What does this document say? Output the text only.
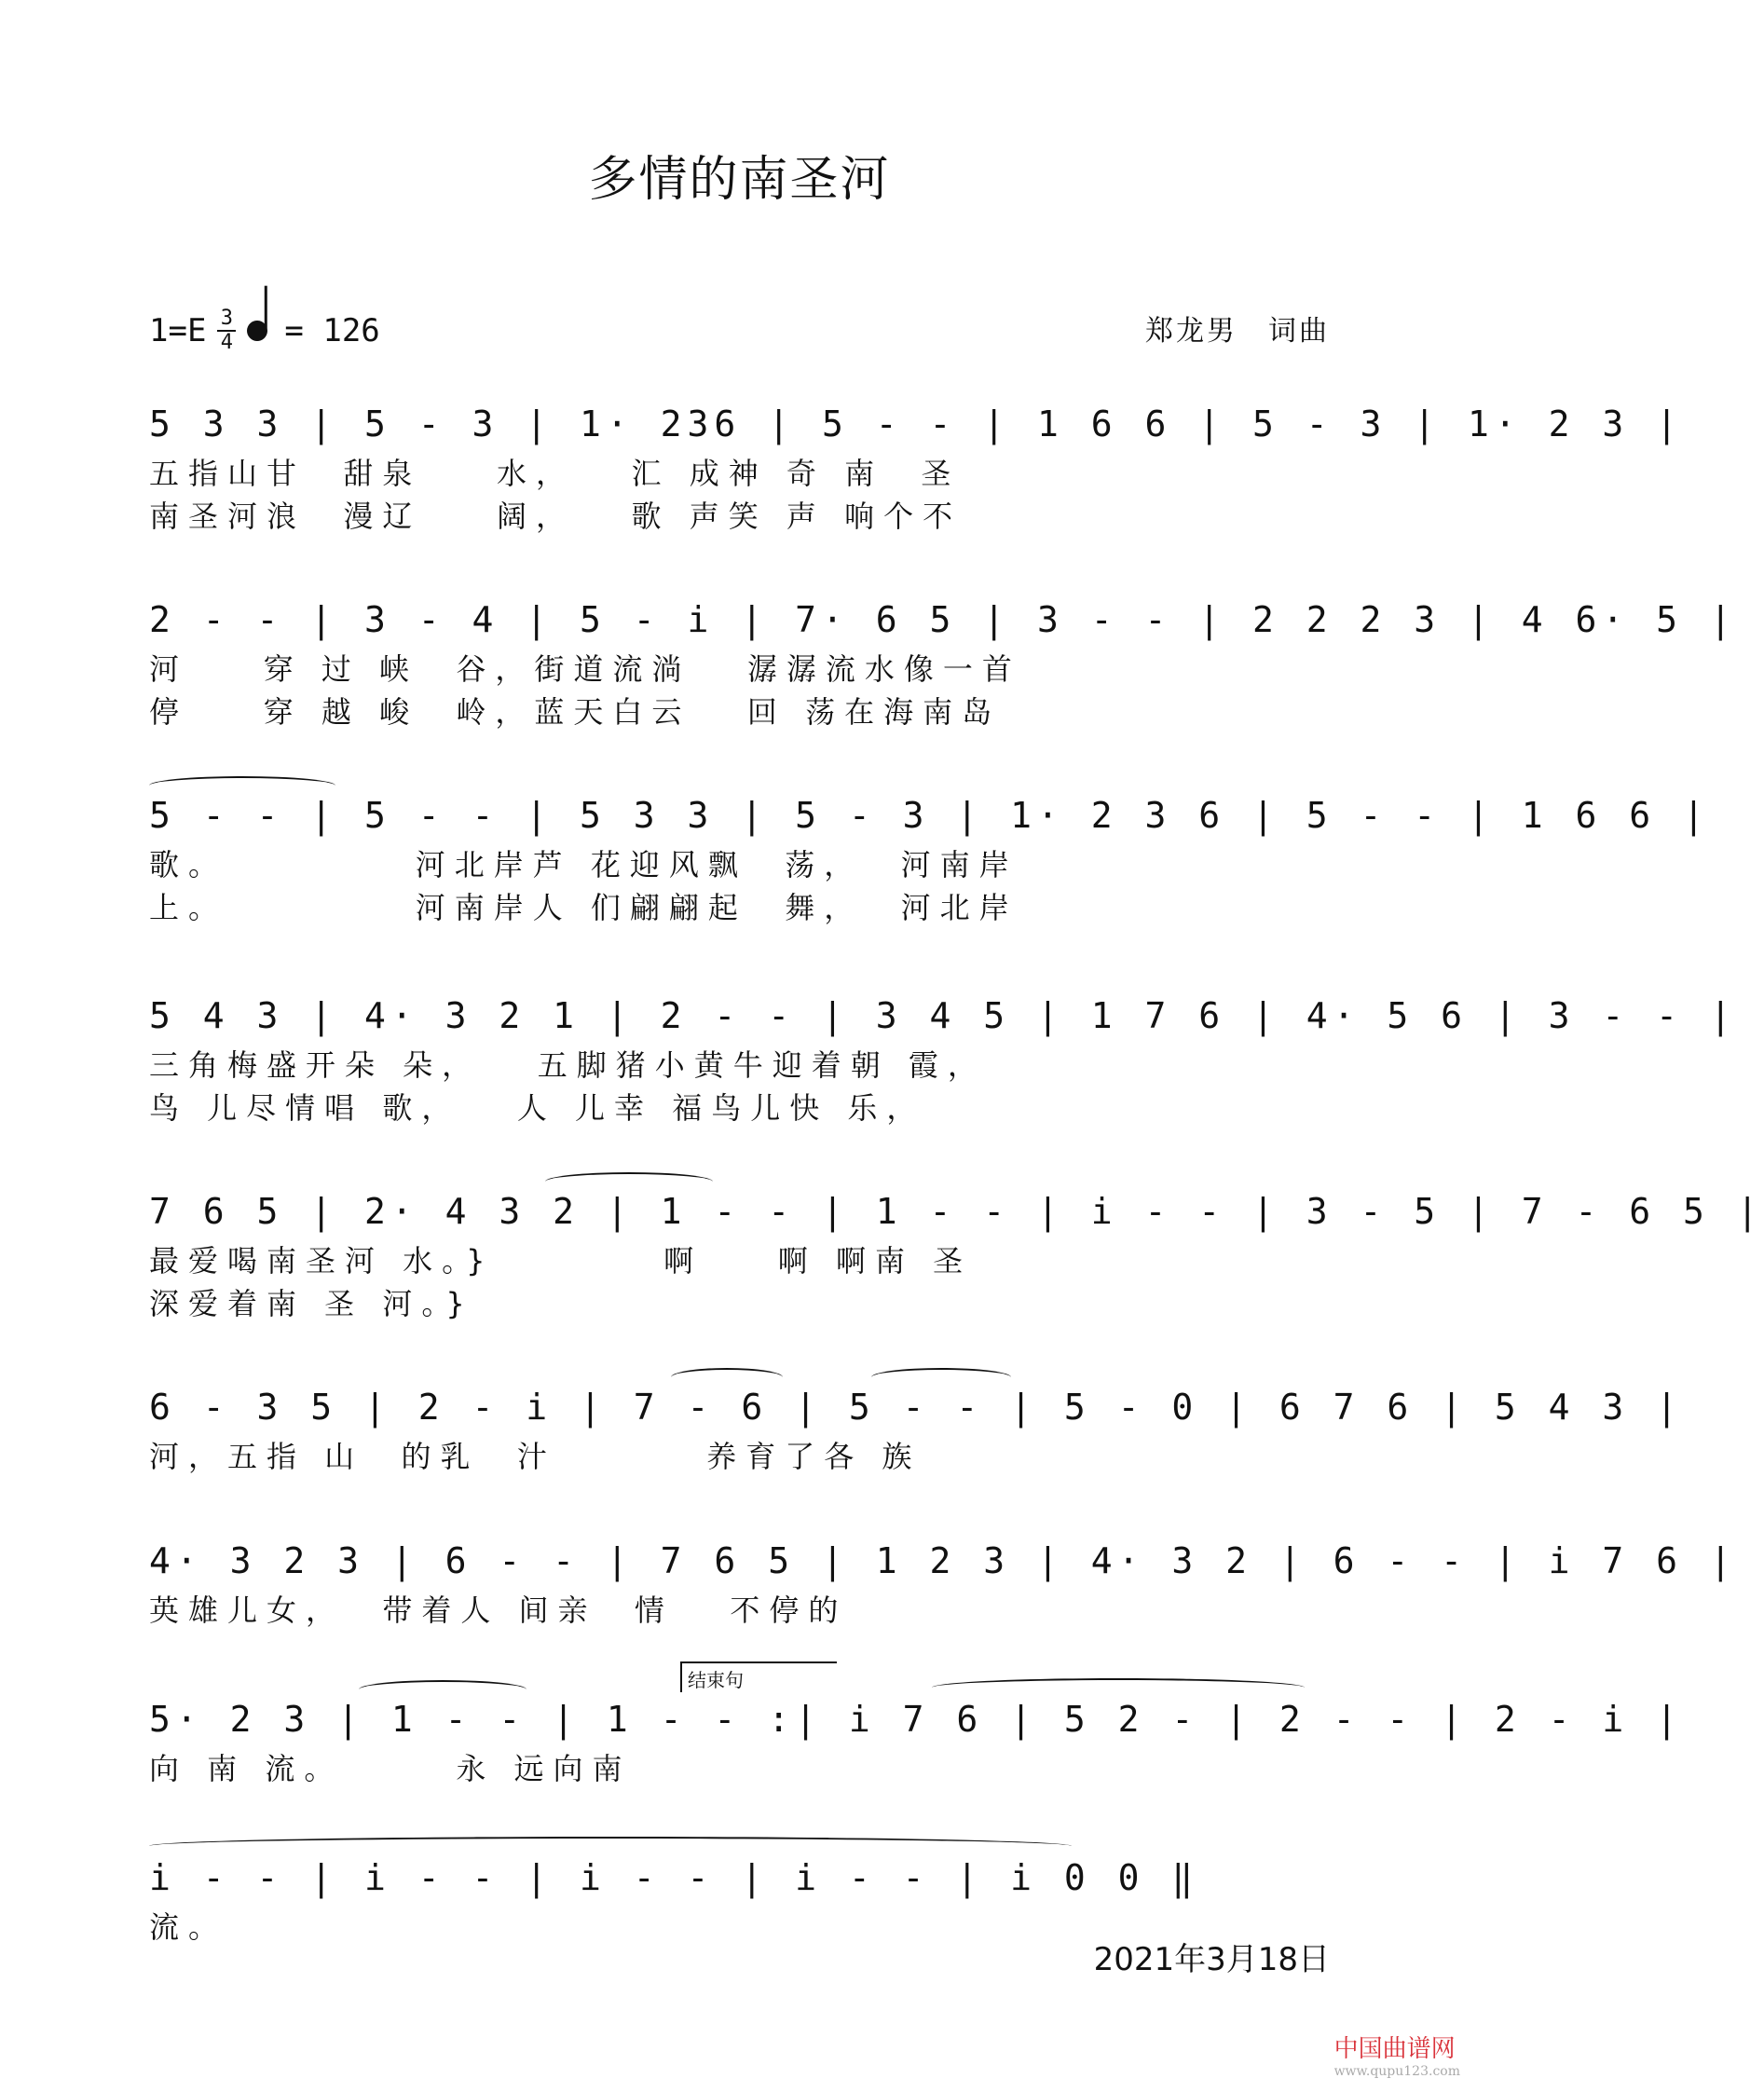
多情的南圣河
$1=E \frac{3}{4} = 126$	郑龙男　词曲
5 3 3 | 5 - 3 | 1· 236 | 5 - - | 1 6 6 | 5 - 3 | 1· 2 3 |
五指山甘  甜泉    水，   汇 成神 奇 南  圣
南圣河浪  漫辽    阔，   歌 声笑 声 响个不
2 - - | 3 - 4 | 5 - i | 7· 6 5 | 3 - - | 2 2 2 3 | 4 6· 5 |
河    穿 过 峡  谷，街道流淌   潺潺流水像一首
停    穿 越 峻  岭，蓝天白云   回 荡在海南岛
5 - - | 5 - - | 5 3 3 | 5 - 3 | 1· 2 3 6 | 5 - - | 1 6 6 |
歌。          河北岸芦 花迎风飘  荡，  河南岸
上。          河南岸人 们翩翩起  舞，  河北岸
5 4 3 | 4· 3 2 1 | 2 - - | 3 4 5 | 1 7 6 | 4· 5 6 | 3 - - |
三角梅盛开朵 朵，   五脚猪小黄牛迎着朝 霞，
鸟 儿尽情唱 歌，   人 儿幸 福鸟儿快 乐，
7 6 5 | 2· 4 3 2 | 1 - - | 1 - - | i - - | 3 - 5 | 7 - 6 5 |
最爱喝南圣河 水。}         啊    啊 啊南 圣
深爱着南 圣 河。}
6 - 3 5 | 2 - i | 7 - 6 | 5 - - | 5 - 0 | 6 7 6 | 5 4 3 |
河，五指 山  的乳  汁        养育了各 族
4· 3 2 3 | 6 - - | 7 6 5 | 1 2 3 | 4· 3 2 | 6 - - | i 7 6 |
英雄儿女，  带着人 间亲  情   不停的
结束句
5· 2 3 | 1 - - | 1 - - :| i 7 6 | 5 2 - | 2 - - | 2 - i |
向 南 流。      永 远向南
i - - | i - - | i - - | i - - | i 0 0 ‖
流。
2021年3月18日
中国曲谱网
www.qupu123.com
